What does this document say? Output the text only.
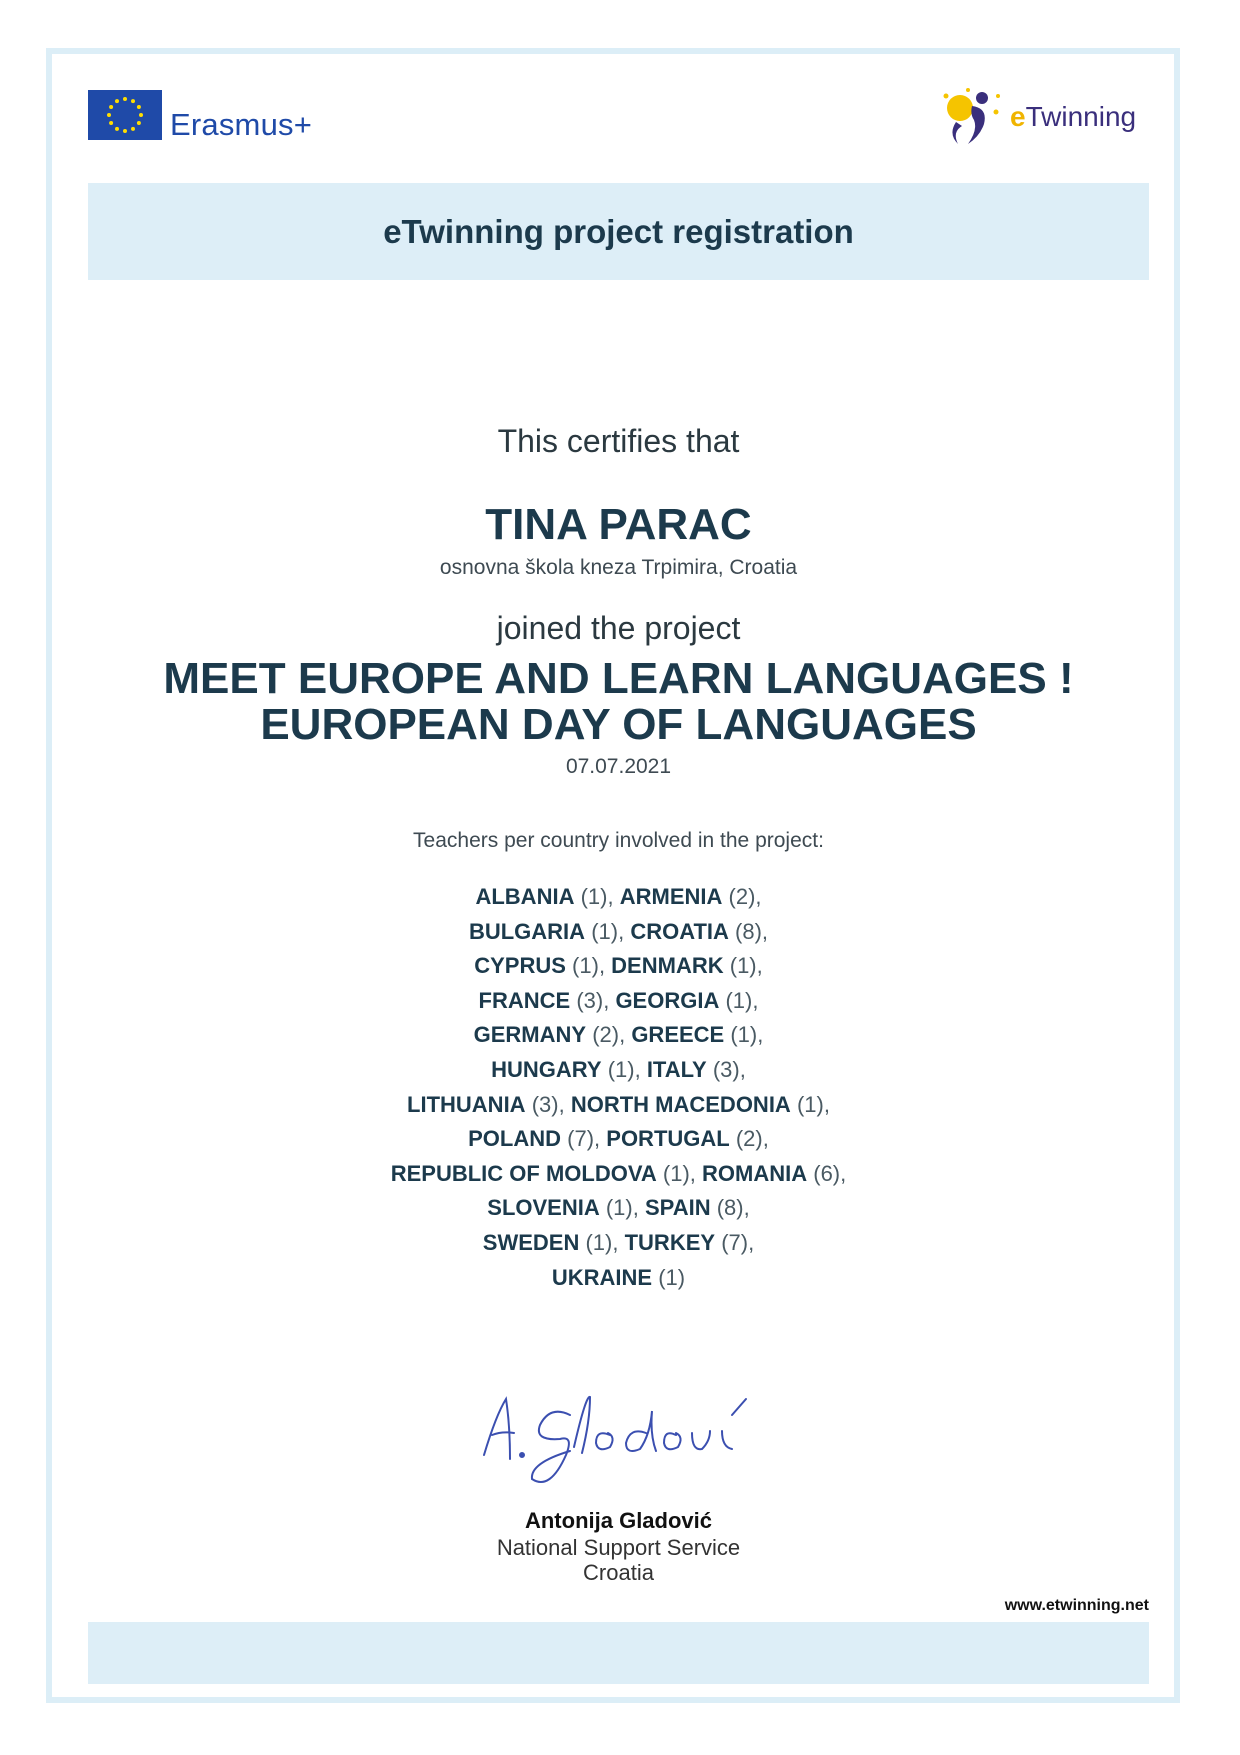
Erasmus+	eTwinning
eTwinning project registration
This certifies that
TINA PARAC
osnovna škola kneza Trpimira, Croatia
joined the project
MEET EUROPE AND LEARN LANGUAGES !
EUROPEAN DAY OF LANGUAGES
07.07.2021
Teachers per country involved in the project:
ALBANIA (1), ARMENIA (2),
BULGARIA (1), CROATIA (8),
CYPRUS (1), DENMARK (1),
FRANCE (3), GEORGIA (1),
GERMANY (2), GREECE (1),
HUNGARY (1), ITALY (3),
LITHUANIA (3), NORTH MACEDONIA (1),
POLAND (7), PORTUGAL (2),
REPUBLIC OF MOLDOVA (1), ROMANIA (6),
SLOVENIA (1), SPAIN (8),
SWEDEN (1), TURKEY (7),
UKRAINE (1)
Antonija Gladović
National Support Service
Croatia
www.etwinning.net
